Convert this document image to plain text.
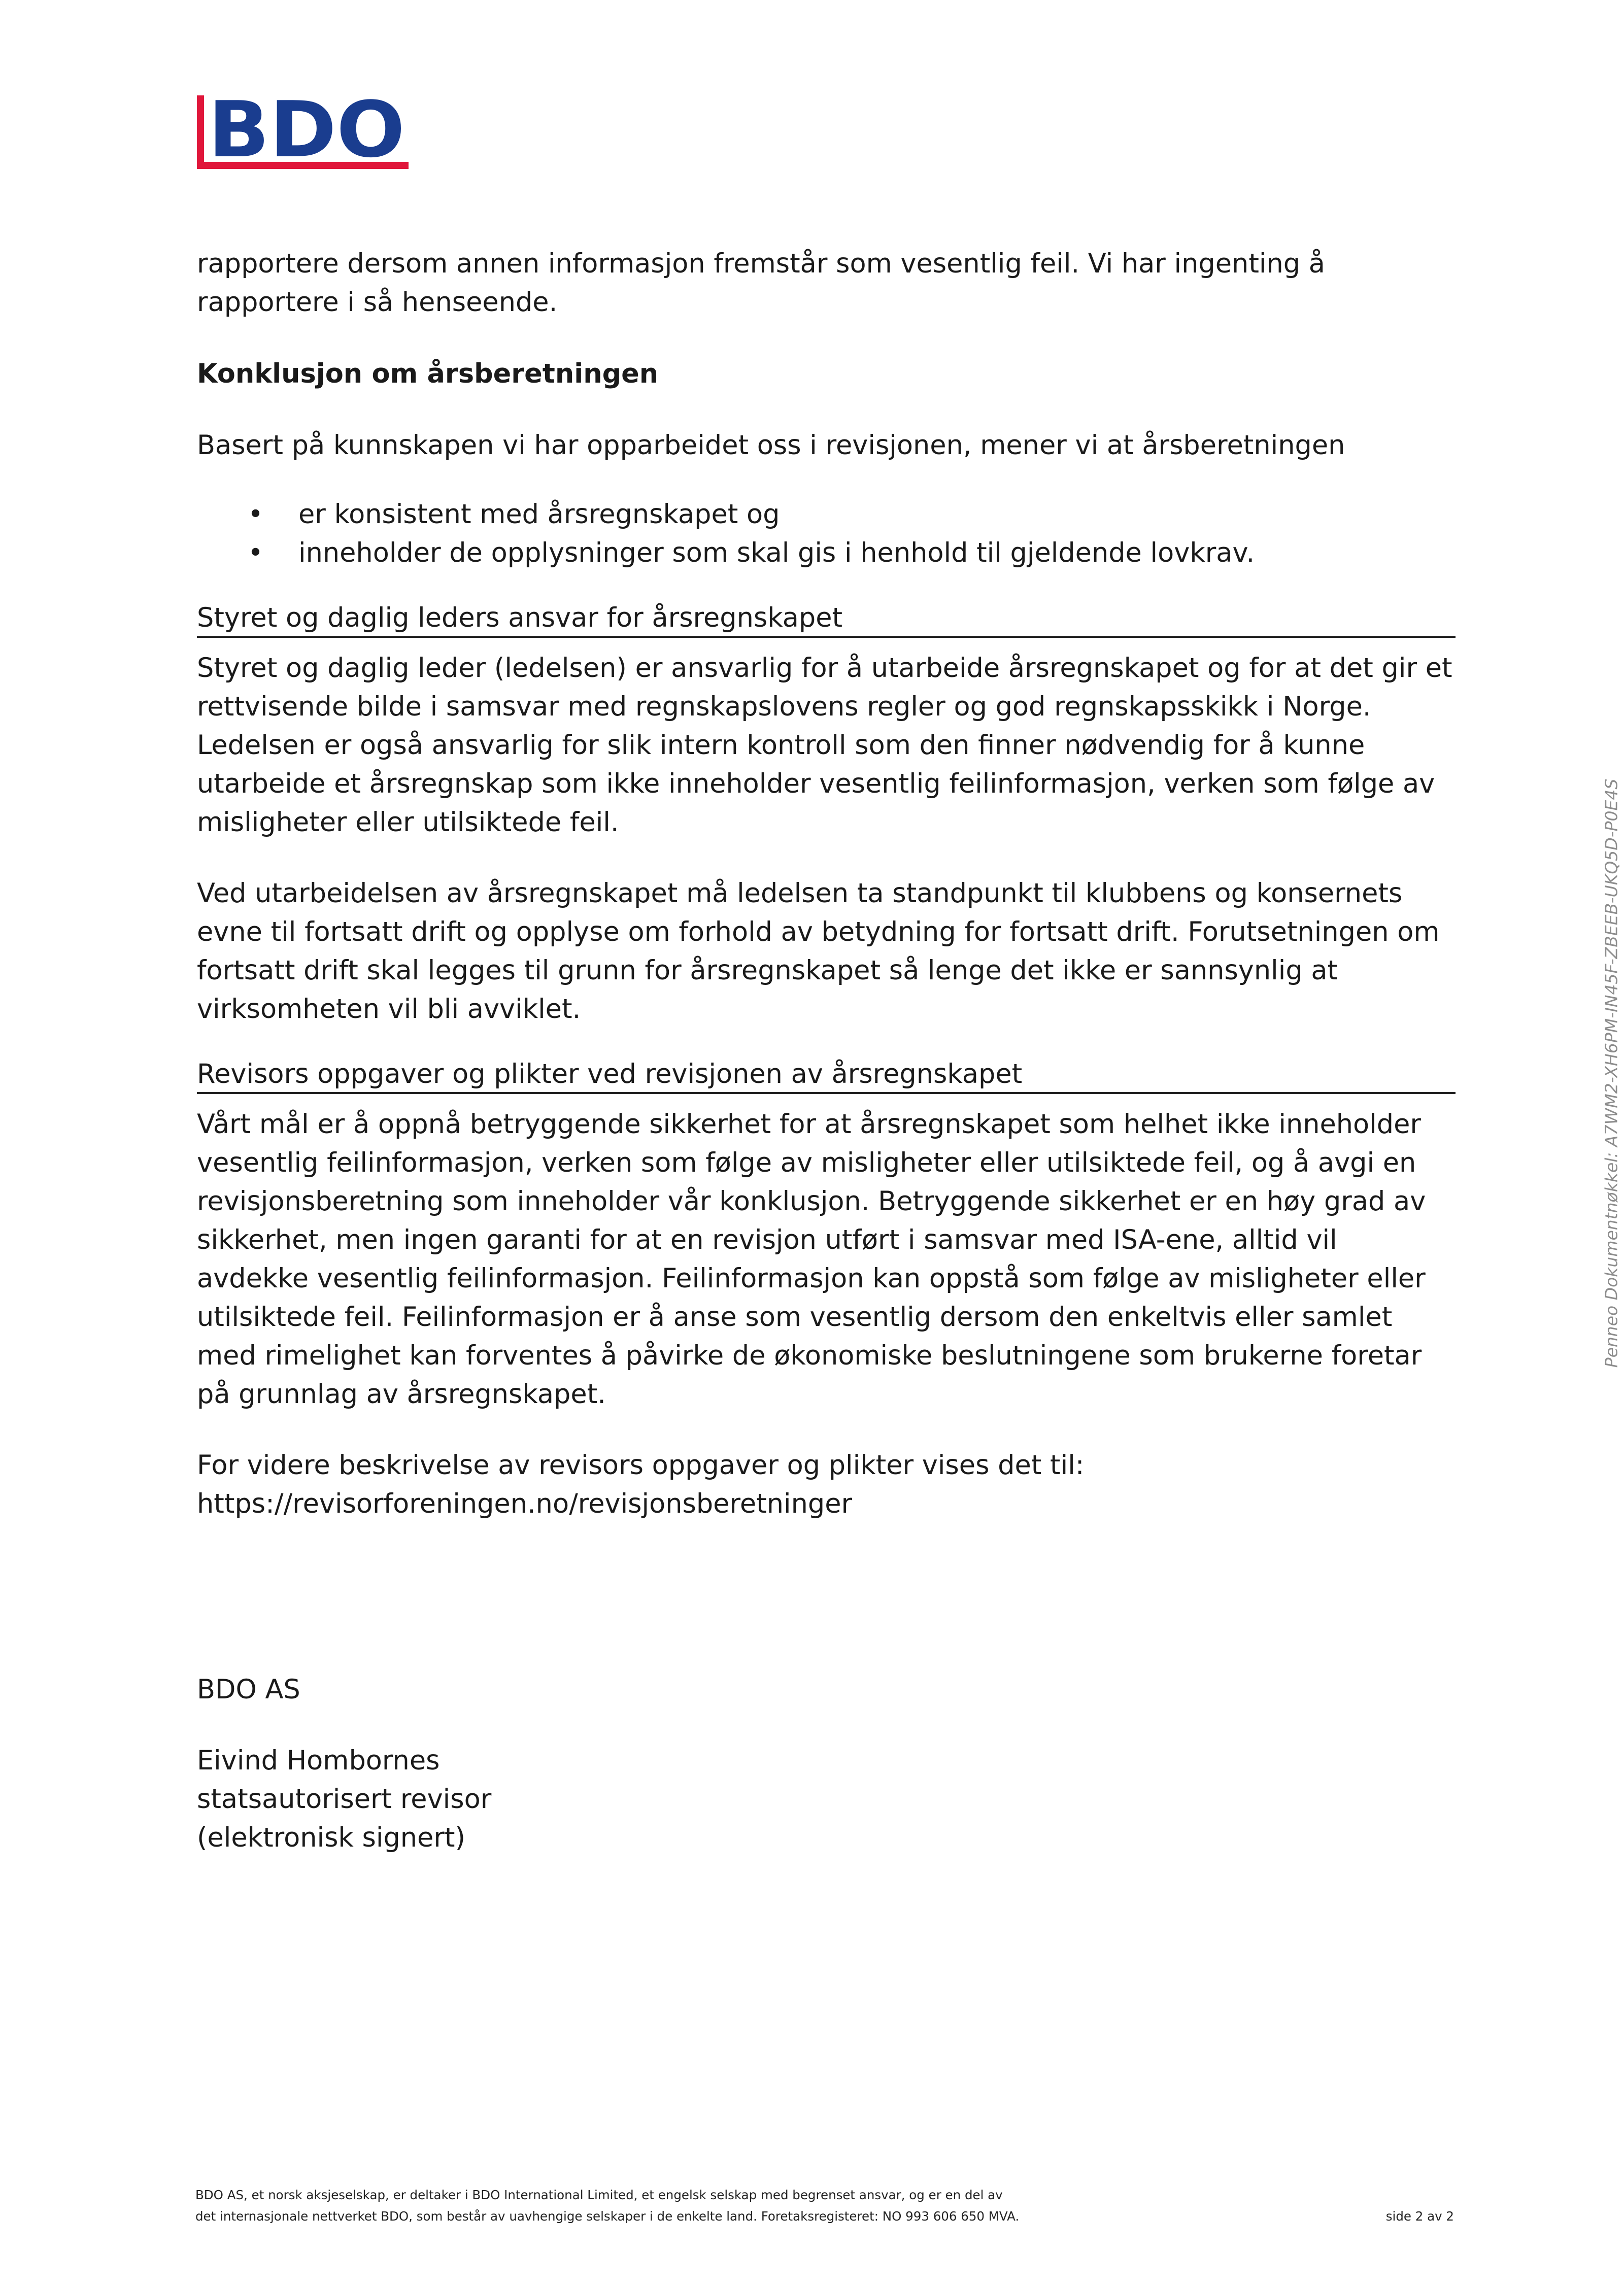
BDO

rapportere dersom annen informasjon fremstår som vesentlig feil. Vi har ingenting å rapportere i så henseende.

Konklusjon om årsberetningen

Basert på kunnskapen vi har opparbeidet oss i revisjonen, mener vi at årsberetningen

• er konsistent med årsregnskapet og
• inneholder de opplysninger som skal gis i henhold til gjeldende lovkrav.

Styret og daglig leders ansvar for årsregnskapet

Styret og daglig leder (ledelsen) er ansvarlig for å utarbeide årsregnskapet og for at det gir et rettvisende bilde i samsvar med regnskapslovens regler og god regnskapsskikk i Norge. Ledelsen er også ansvarlig for slik intern kontroll som den finner nødvendig for å kunne utarbeide et årsregnskap som ikke inneholder vesentlig feilinformasjon, verken som følge av misligheter eller utilsiktede feil.

Ved utarbeidelsen av årsregnskapet må ledelsen ta standpunkt til klubbens og konsernets evne til fortsatt drift og opplyse om forhold av betydning for fortsatt drift. Forutsetningen om fortsatt drift skal legges til grunn for årsregnskapet så lenge det ikke er sannsynlig at virksomheten vil bli avviklet.

Revisors oppgaver og plikter ved revisjonen av årsregnskapet

Vårt mål er å oppnå betryggende sikkerhet for at årsregnskapet som helhet ikke inneholder vesentlig feilinformasjon, verken som følge av misligheter eller utilsiktede feil, og å avgi en revisjonsberetning som inneholder vår konklusjon. Betryggende sikkerhet er en høy grad av sikkerhet, men ingen garanti for at en revisjon utført i samsvar med ISA-ene, alltid vil avdekke vesentlig feilinformasjon. Feilinformasjon kan oppstå som følge av misligheter eller utilsiktede feil. Feilinformasjon er å anse som vesentlig dersom den enkeltvis eller samlet med rimelighet kan forventes å påvirke de økonomiske beslutningene som brukerne foretar på grunnlag av årsregnskapet.

For videre beskrivelse av revisors oppgaver og plikter vises det til:
https://revisorforeningen.no/revisjonsberetninger

BDO AS

Eivind Hombornes
statsautorisert revisor
(elektronisk signert)

Penneo Dokumentnøkkel: A7WM2-XH6PM-IN45F-ZBEEB-UKQ5D-P0E4S
BDO AS, et norsk aksjeselskap, er deltaker i BDO International Limited, et engelsk selskap med begrenset ansvar, og er en del av
det internasjonale nettverket BDO, som består av uavhengige selskaper i de enkelte land. Foretaksregisteret: NO 993 606 650 MVA.	side 2 av 2
